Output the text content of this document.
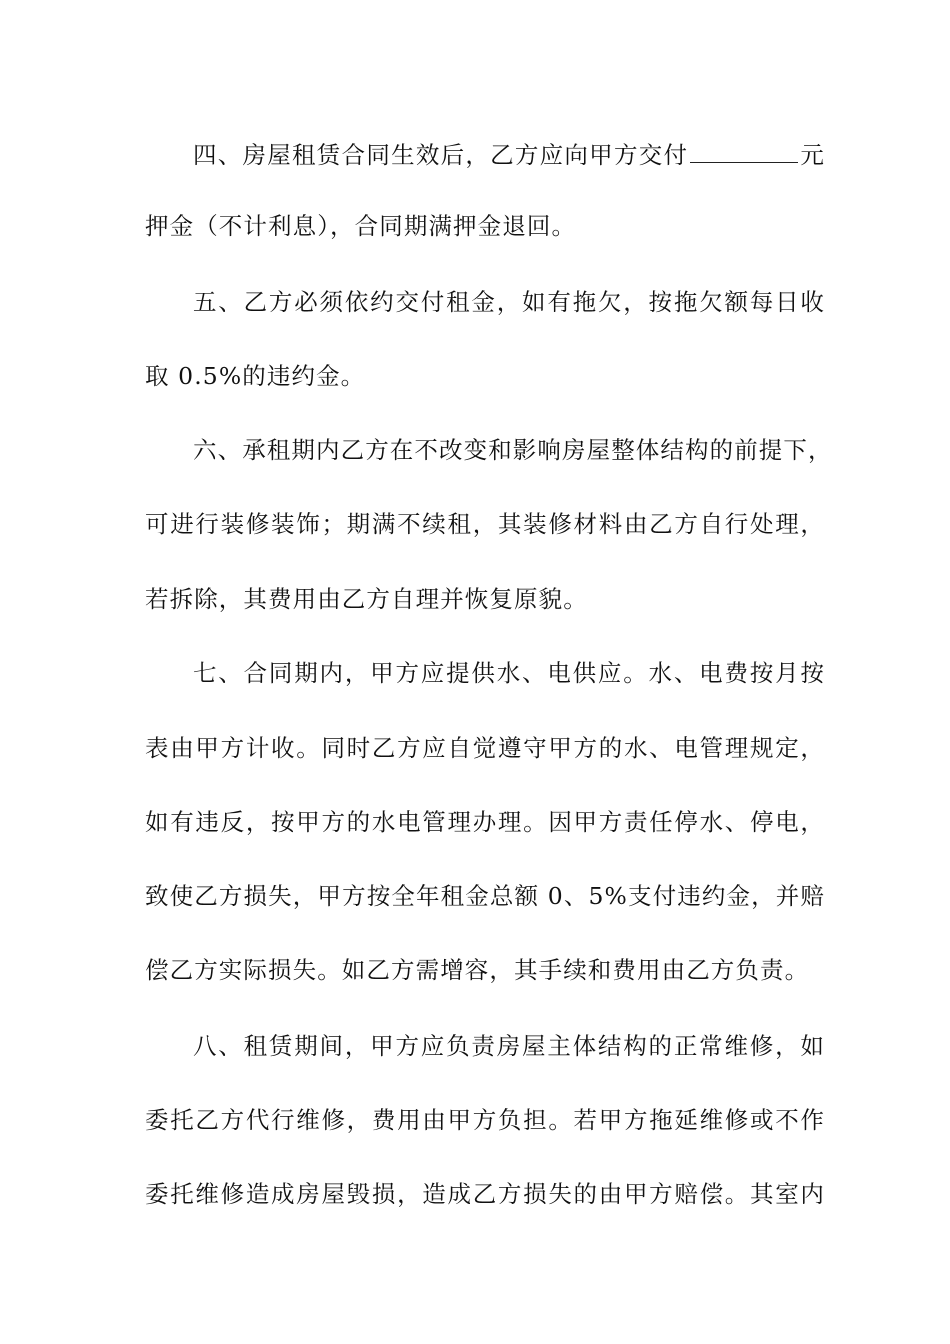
四、房屋租赁合同生效后，乙方应向甲方交付	元
押金（不计利息），合同期满押金退回。
五、乙方必须依约交付租金，如有拖欠，按拖欠额每日收
取 0.5%的违约金。
六、承租期内乙方在不改变和影响房屋整体结构的前提下，
可进行装修装饰；期满不续租，其装修材料由乙方自行处理，
若拆除，其费用由乙方自理并恢复原貌。
七、合同期内，甲方应提供水、电供应。水、电费按月按
表由甲方计收。同时乙方应自觉遵守甲方的水、电管理规定，
如有违反，按甲方的水电管理办理。因甲方责任停水、停电，
致使乙方损失，甲方按全年租金总额 0、5%支付违约金，并赔
偿乙方实际损失。如乙方需增容，其手续和费用由乙方负责。
八、租赁期间，甲方应负责房屋主体结构的正常维修，如
委托乙方代行维修，费用由甲方负担。若甲方拖延维修或不作
委托维修造成房屋毁损，造成乙方损失的由甲方赔偿。其室内
